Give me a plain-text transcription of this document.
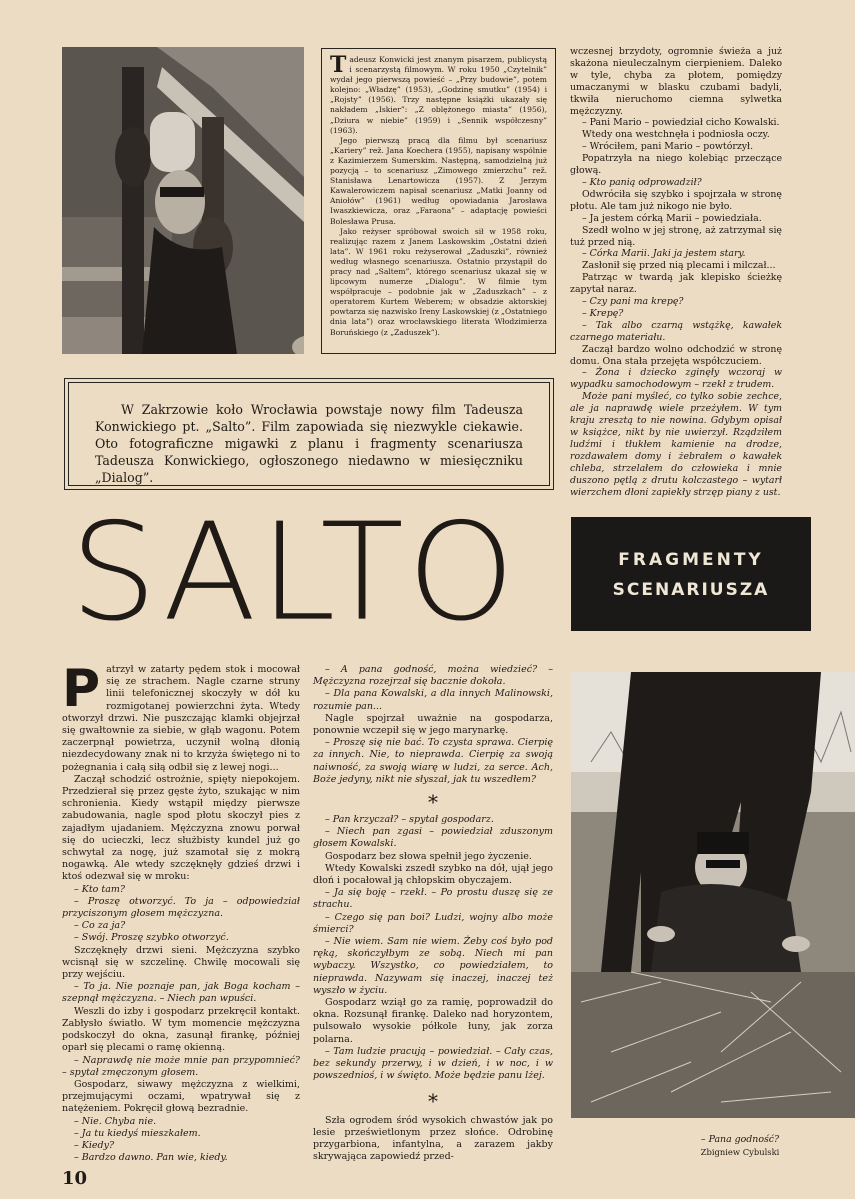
Tadeusz Konwicki jest znanym pisarzem, publicystą i scenarzystą filmowym. W roku 1950 „Czytelnik” wydał jego pierwszą powieść – „Przy budowie”, potem kolejno: „Władzę” (1953), „Godzinę smutku” (1954) i „Rojsty” (1956). Trzy następne książki ukazały się nakładem „Iskier”: „Z oblężonego miasta” (1956), „Dziura w niebie” (1959) i „Sennik współczesny” (1963).

Jego pierwszą pracą dla filmu był scenariusz „Kariery” rež. Jana Koechera (1955), napisany wspólnie z Kazimierzem Sumerskim. Następną, samodzielną już pozycją – to scenariusz „Zimowego zmierzchu” rež. Stanisława Lenartowicza (1957). Z Jerzym Kawalerowiczem napisał scenariusz „Matki Joanny od Aniołów” (1961) według opowiadania Jarosława Iwaszkiewicza, oraz „Faraona” – adaptację powieści Bolesława Prusa.

Jako reżyser spróbował swoich sił w 1958 roku, realizując razem z Janem Laskowskim „Ostatni dzień lata”. W 1961 roku reżyserował „Zaduszki”, również według własnego scenariusza. Ostatnio przystąpił do pracy nad „Saltem”, którego scenariusz ukazał się w lipcowym numerze „Dialogu”. W filmie tym współpracuje – podobnie jak w „Zaduszkach” – z operatorem Kurtem Weberem; w obsadzie aktorskiej powtarza się nazwisko Ireny Laskowskiej (z „Ostatniego dnia lata”) oraz wrocławskiego literata Włodzimierza Boruńskiego (z „Zaduszek”).

wczesnej brzydoty, ogromnie świeża a już skażona nieuleczalnym cierpieniem. Daleko w tyle, chyba za płotem, pomiędzy umaczanymi w blasku czubami badyli, tkwiła nieruchomo ciemna sylwetka mężczyzny.

– Pani Mario – powiedział cicho Kowalski.

Wtedy ona westchnęła i podniosła oczy.

– Wróciłem, pani Mario – powtórzył.

Popatrzyła na niego kolebiąc przeczące głową.

– Kto panią odprowadził?

Odwróciła się szybko i spojrzała w stronę płotu. Ale tam już nikogo nie było.

– Ja jestem córką Marii – powiedziała.

Szedł wolno w jej stronę, aż zatrzymał się tuż przed nią.

– Córka Marii. Jaki ja jestem stary.

Zasłonił się przed nią plecami i milczał...

Patrząc w twardą jak klepisko ścieżkę zapytał naraz.

– Czy pani ma krepę?

– Krepę?

– Tak albo czarną wstążkę, kawałek czarnego materiału.

Zaczął bardzo wolno odchodzić w stronę domu. Ona stała przejęta współczuciem.

– Żona i dziecko zginęły wczoraj w wypadku samochodowym – rzekł z trudem.

Może pani myśleć, co tylko sobie zechce, ale ja naprawdę wiele przeżyłem. W tym kraju zresztą to nie nowina. Gdybym opisał w książce, nikt by nie uwierzył. Rządziłem ludźmi i tłukłem kamienie na drodze, rozdawałem domy i żebrałem o kawałek chleba, strzelałem do człowieka i mnie duszono pętlą z drutu kolczastego – wytarł wierzchem dłoni zapiekły strzęp piany z ust.

W Zakrzowie koło Wrocławia powstaje nowy film Tadeusza Konwickiego pt. „Salto”. Film zapowiada się niezwykle ciekawie. Oto fotograficzne migawki z planu i fragmenty scenariusza Tadeusza Konwickiego, ogłoszonego niedawno w miesięczniku „Dialog”.
SALTO	FRAGMENTY
SCENARIUSZA
P atrzył w zatarty pędem stok i mocował się ze strachem. Nagle czarne struny linii telefonicznej skoczyły w dół ku rozmigotanej powierzchni żyta. Wtedy otworzył drzwi. Nie puszczając klamki objejrzał się gwałtownie za siebie, w głąb wagonu. Potem zaczerpnął powietrza, uczynił wolną dłonią niezdecydowany znak ni to krzyża świętego ni to pożegnania i całą siłą odbił się z lewej nogi...

Zaczął schodzić ostrożnie, spięty niepokojem. Przedzierał się przez gęste żyto, szukając w nim schronienia. Kiedy wstąpił między pierwsze zabudowania, nagle spod płotu skoczył pies z zajadłym ujadaniem. Mężczyzna znowu porwał się do ucieczki, lecz służbisty kundel już go schwytał za nogę, już szamotał się z mokrą nogawką. Ale wtedy szczęknęły gdzieś drzwi i ktoś odezwał się w mroku:

– Kto tam?

– Proszę otworzyć. To ja – odpowiedział przyciszonym głosem mężczyzna.

– Co za ja?

– Swój. Proszę szybko otworzyć.

Szczęknęły drzwi sieni. Mężczyzna szybko wcisnął się w szczelinę. Chwilę mocowali się przy wejściu.

– To ja. Nie poznaje pan, jak Boga kocham – szepnął mężczyzna. – Niech pan wpuści.

Weszli do izby i gospodarz przekręcił kontakt. Zabłysło światło. W tym momencie mężczyzna podskoczył do okna, zasunął firankę, później oparł się plecami o ramę okienną.

– Naprawdę nie może mnie pan przypomnieć? – spytał zmęczonym głosem.

Gospodarz, siwawy mężczyzna z wielkimi, przejmującymi oczami, wpatrywał się z natężeniem. Pokręcił głową bezradnie.

– Nie. Chyba nie.

– Ja tu kiedyś mieszkałem.

– Kiedy?

– Bardzo dawno. Pan wie, kiedy.

– A pana godność, można wiedzieć? – Mężczyzna rozejrzał się bacznie dokoła.

– Dla pana Kowalski, a dla innych Malinowski, rozumie pan...

Nagle spojrzał uważnie na gospodarza, ponownie wczepił się w jego marynarkę.

– Proszę się nie bać. To czysta sprawa. Cierpię za innych. Nie, to nieprawda. Cierpię za swoją naiwność, za swoją wiarę w ludzi, za serce. Ach, Boże jedyny, nikt nie słyszał, jak tu wszedłem?

*

– Pan krzyczał? – spytał gospodarz.

– Niech pan zgasi – powiedział zduszonym głosem Kowalski.

Gospodarz bez słowa spełnił jego życzenie.

Wtedy Kowalski zszedł szybko na dół, ujął jego dłoń i pocałował ją chłopskim obyczajem.

– Ja się boję – rzekł. – Po prostu duszę się ze strachu.

– Czego się pan boi? Ludzi, wojny albo może śmierci?

– Nie wiem. Sam nie wiem. Żeby coś było pod ręką, skończyłbym ze sobą. Niech mi pan wybaczy. Wszystko, co powiedziałem, to nieprawda. Nazywam się inaczej, inaczej też wyszło w życiu.

Gospodarz wziął go za ramię, poprowadził do okna. Rozsunął firankę. Daleko nad horyzontem, pulsowało wysokie półkole łuny, jak zorza polarna.

– Tam ludzie pracują – powiedział. – Cały czas, bez sekundy przerwy, i w dzień, i w noc, i w powszednioś, i w święto. Może będzie panu lżej.

*

Szła ogrodem śród wysokich chwastów jak po lesie prześwietlonym przez słońce. Odrobinę przygarbiona, infantylna, a zarazem jakby skrywająca zapowiedź przed-

– Pana godność?
Zbigniew Cybulski
10
